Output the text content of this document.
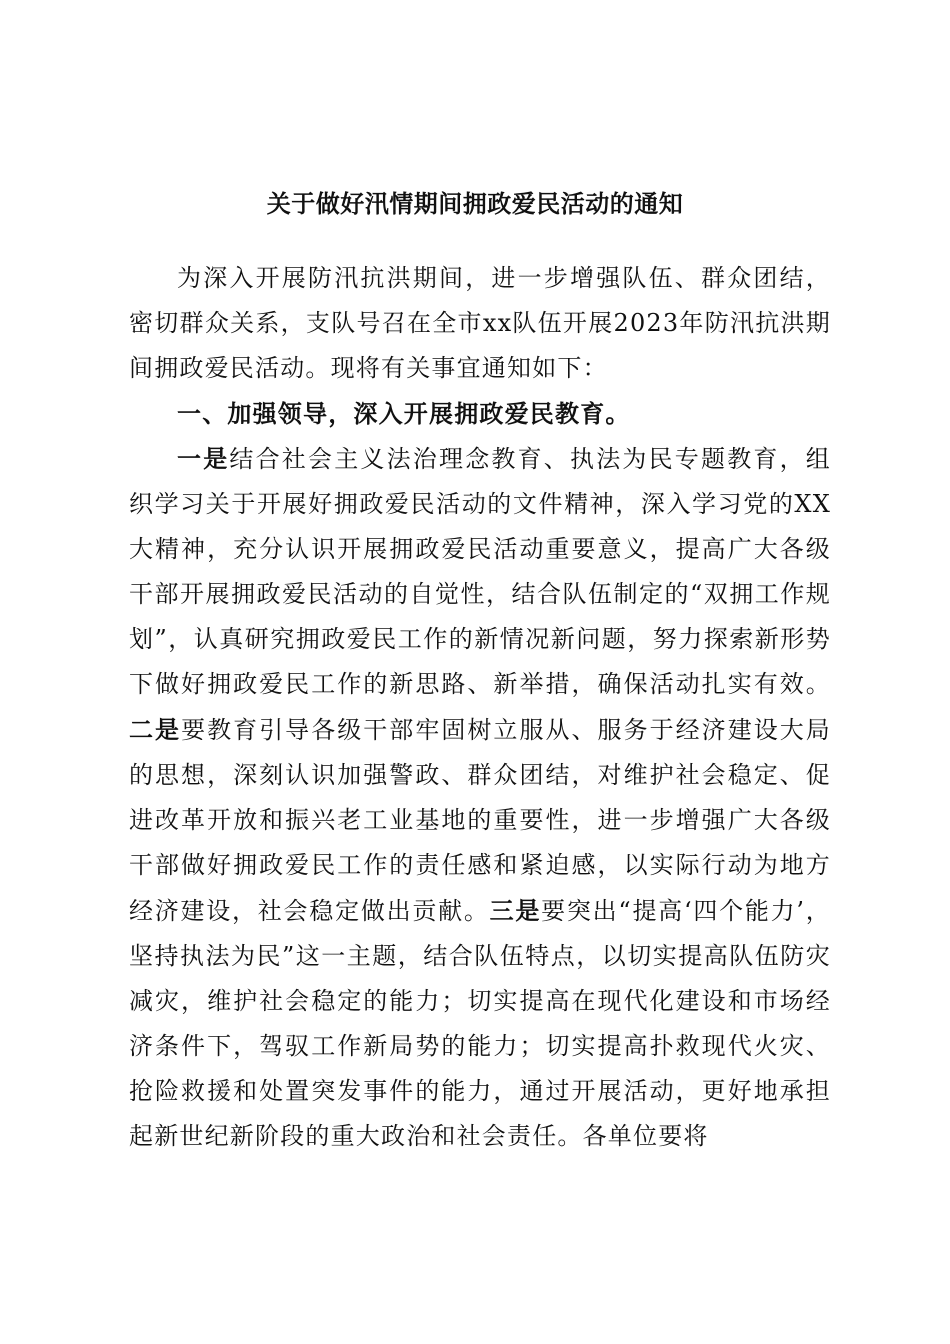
关于做好汛情期间拥政爱民活动的通知

为深入开展防汛抗洪期间，进一步增强队伍、群众团结，密切群众关系，支队号召在全市xx队伍开展2023年防汛抗洪期间拥政爱民活动。现将有关事宜通知如下：

一、加强领导，深入开展拥政爱民教育。

一是结合社会主义法治理念教育、执法为民专题教育，组织学习关于开展好拥政爱民活动的文件精神，深入学习党的XX大精神，充分认识开展拥政爱民活动重要意义，提高广大各级干部开展拥政爱民活动的自觉性，结合队伍制定的“双拥工作规划”，认真研究拥政爱民工作的新情况新问题，努力探索新形势下做好拥政爱民工作的新思路、新举措，确保活动扎实有效。二是要教育引导各级干部牢固树立服从、服务于经济建设大局的思想，深刻认识加强警政、群众团结，对维护社会稳定、促进改革开放和振兴老工业基地的重要性，进一步增强广大各级干部做好拥政爱民工作的责任感和紧迫感，以实际行动为地方经济建设，社会稳定做出贡献。三是要突出“提高‘四个能力’，坚持执法为民”这一主题，结合队伍特点，以切实提高队伍防灾减灾，维护社会稳定的能力；切实提高在现代化建设和市场经济条件下，驾驭工作新局势的能力；切实提高扑救现代火灾、抢险救援和处置突发事件的能力，通过开展活动，更好地承担起新世纪新阶段的重大政治和社会责任。各单位要将
